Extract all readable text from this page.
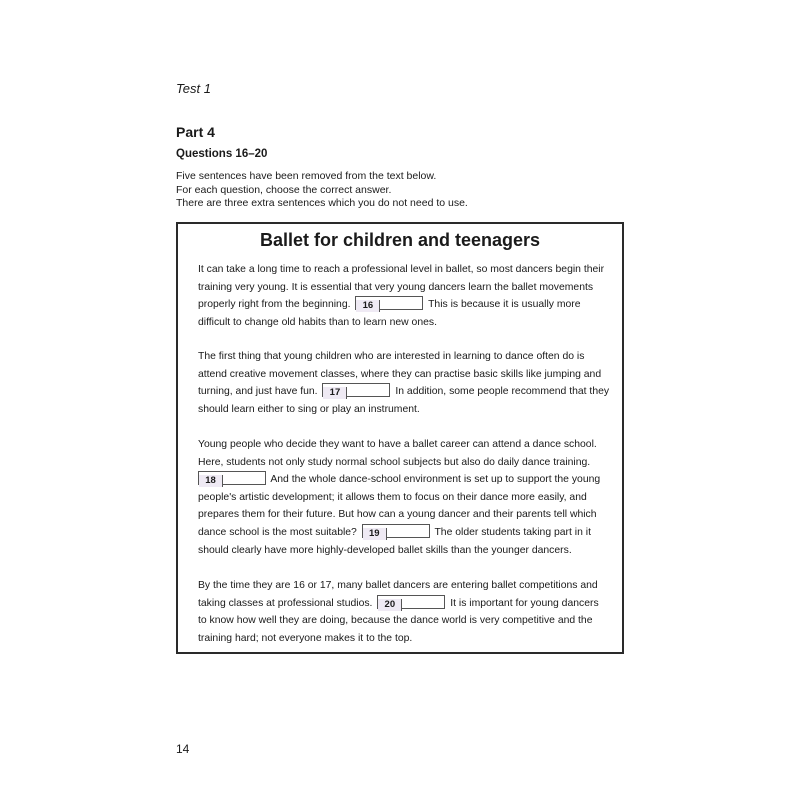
Test 1
Part 4
Questions 16–20
Five sentences have been removed from the text below.
For each question, choose the correct answer.
There are three extra sentences which you do not need to use.
Ballet for children and teenagers
It can take a long time to reach a professional level in ballet, so most dancers begin their
training very young. It is essential that very young dancers learn the ballet movements
properly right from the beginning. 16	This is because it is usually more
difficult to change old habits than to learn new ones.
The first thing that young children who are interested in learning to dance often do is
attend creative movement classes, where they can practise basic skills like jumping and
turning, and just have fun. 17	In addition, some people recommend that they
should learn either to sing or play an instrument.
Young people who decide they want to have a ballet career can attend a dance school.
Here, students not only study normal school subjects but also do daily dance training.
18	And the whole dance-school environment is set up to support the young
people's artistic development; it allows them to focus on their dance more easily, and
prepares them for their future. But how can a young dancer and their parents tell which
dance school is the most suitable? 19	The older students taking part in it
should clearly have more highly-developed ballet skills than the younger dancers.
By the time they are 16 or 17, many ballet dancers are entering ballet competitions and
taking classes at professional studios. 20	It is important for young dancers
to know how well they are doing, because the dance world is very competitive and the
training hard; not everyone makes it to the top.
14
